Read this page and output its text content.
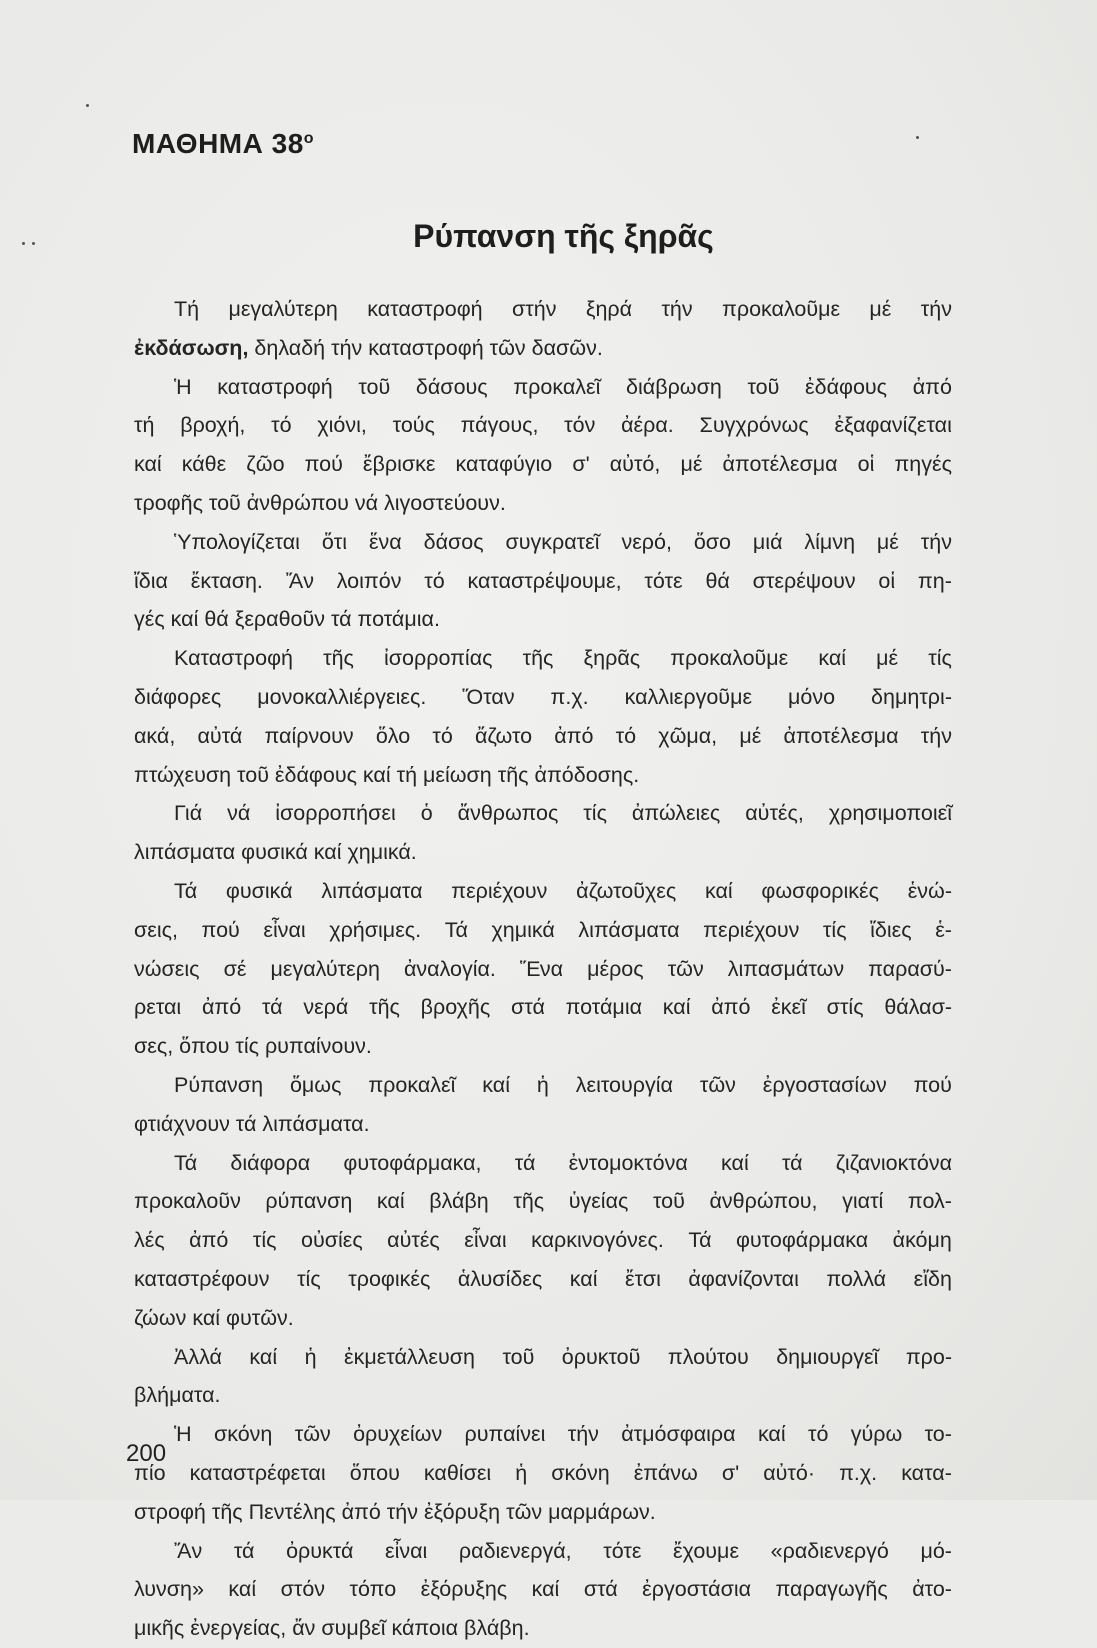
ΜΑΘΗΜΑ $38^o$
Ρύπανση τῆς ξηρᾶς
Τή μεγαλύτερη καταστροφή στήν ξηρά τήν προκαλοῦμε μέ τήν
ἐκδάσωση, δηλαδή τήν καταστροφή τῶν δασῶν.
Ἡ καταστροφή τοῦ δάσους προκαλεῖ διάβρωση τοῦ ἐδάφους ἀπό
τή βροχή, τό χιόνι, τούς πάγους, τόν ἀέρα. Συγχρόνως ἐξαφανίζεται
καί κάθε ζῶο πού ἔβρισκε καταφύγιο σ' αὐτό, μέ ἀποτέλεσμα οἱ πηγές
τροφῆς τοῦ ἀνθρώπου νά λιγοστεύουν.
Ὑπολογίζεται ὅτι ἕνα δάσος συγκρατεῖ νερό, ὅσο μιά λίμνη μέ τήν
ἴδια ἔκταση. Ἄν λοιπόν τό καταστρέψουμε, τότε θά στερέψουν οἱ πη-
γές καί θά ξεραθοῦν τά ποτάμια.
Καταστροφή τῆς ἰσορροπίας τῆς ξηρᾶς προκαλοῦμε καί μέ τίς
διάφορες μονοκαλλιέργειες. Ὅταν π.χ. καλλιεργοῦμε μόνο δημητρι-
ακά, αὐτά παίρνουν ὅλο τό ἄζωτο ἀπό τό χῶμα, μέ ἀποτέλεσμα τήν
πτώχευση τοῦ ἐδάφους καί τή μείωση τῆς ἀπόδοσης.
Γιά νά ἰσορροπήσει ὁ ἄνθρωπος τίς ἀπώλειες αὐτές, χρησιμοποιεῖ
λιπάσματα φυσικά καί χημικά.
Τά φυσικά λιπάσματα περιέχουν ἀζωτοῦχες καί φωσφορικές ἑνώ-
σεις, πού εἶναι χρήσιμες. Τά χημικά λιπάσματα περιέχουν τίς ἴδιες ἑ-
νώσεις σέ μεγαλύτερη ἀναλογία. Ἕνα μέρος τῶν λιπασμάτων παρασύ-
ρεται ἀπό τά νερά τῆς βροχῆς στά ποτάμια καί ἀπό ἐκεῖ στίς θάλασ-
σες, ὅπου τίς ρυπαίνουν.
Ρύπανση ὅμως προκαλεῖ καί ἡ λειτουργία τῶν ἐργοστασίων πού
φτιάχνουν τά λιπάσματα.
Τά διάφορα φυτοφάρμακα, τά ἐντομοκτόνα καί τά ζιζανιοκτόνα
προκαλοῦν ρύπανση καί βλάβη τῆς ὑγείας τοῦ ἀνθρώπου, γιατί πολ-
λές ἀπό τίς οὐσίες αὐτές εἶναι καρκινογόνες. Τά φυτοφάρμακα ἀκόμη
καταστρέφουν τίς τροφικές ἁλυσίδες καί ἔτσι ἀφανίζονται πολλά εἴδη
ζώων καί φυτῶν.
Ἀλλά καί ἡ ἐκμετάλλευση τοῦ ὀρυκτοῦ πλούτου δημιουργεῖ προ-
βλήματα.
Ἡ σκόνη τῶν ὀρυχείων ρυπαίνει τήν ἀτμόσφαιρα καί τό γύρω το-
πίο καταστρέφεται ὅπου καθίσει ἡ σκόνη ἐπάνω σ' αὐτό· π.χ. κατα-
στροφή τῆς Πεντέλης ἀπό τήν ἐξόρυξη τῶν μαρμάρων.
Ἄν τά ὀρυκτά εἶναι ραδιενεργά, τότε ἔχουμε «ραδιενεργό μό-
λυνση» καί στόν τόπο ἐξόρυξης καί στά ἐργοστάσια παραγωγῆς ἀτο-
μικῆς ἐνεργείας, ἄν συμβεῖ κάποια βλάβη.
200
